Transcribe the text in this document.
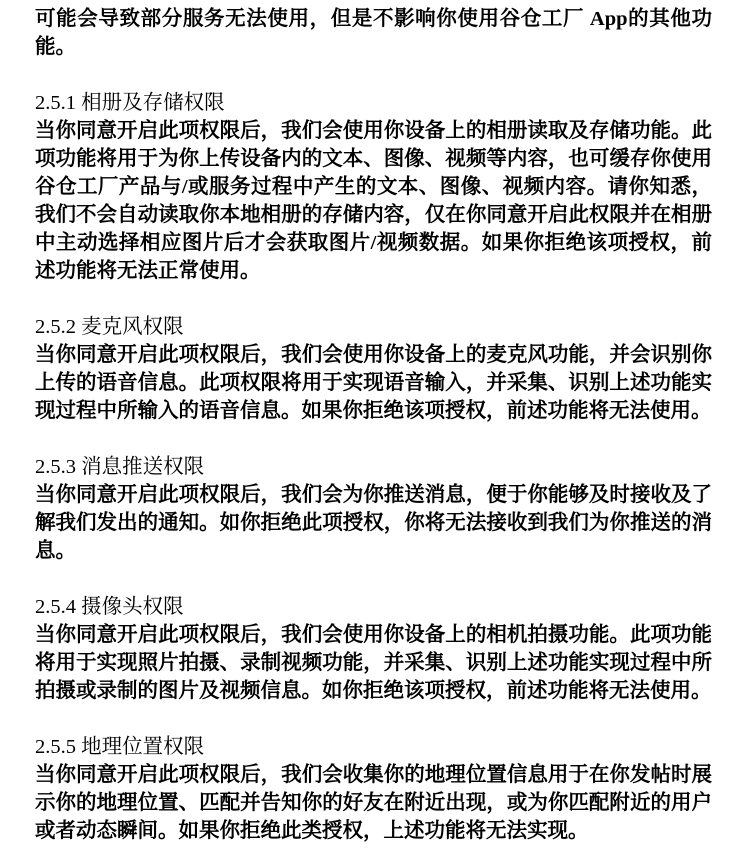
可能会导致部分服务无法使用，但是不影响你使用谷仓工厂 App的其他功能。

2.5.1 相册及存储权限

当你同意开启此项权限后，我们会使用你设备上的相册读取及存储功能。此项功能将用于为你上传设备内的文本、图像、视频等内容，也可缓存你使用谷仓工厂产品与/或服务过程中产生的文本、图像、视频内容。请你知悉，我们不会自动读取你本地相册的存储内容，仅在你同意开启此权限并在相册中主动选择相应图片后才会获取图片/视频数据。如果你拒绝该项授权，前述功能将无法正常使用。

2.5.2 麦克风权限

当你同意开启此项权限后，我们会使用你设备上的麦克风功能，并会识别你上传的语音信息。此项权限将用于实现语音输入，并采集、识别上述功能实现过程中所输入的语音信息。如果你拒绝该项授权，前述功能将无法使用。

2.5.3 消息推送权限

当你同意开启此项权限后，我们会为你推送消息，便于你能够及时接收及了解我们发出的通知。如你拒绝此项授权，你将无法接收到我们为你推送的消息。

2.5.4 摄像头权限

当你同意开启此项权限后，我们会使用你设备上的相机拍摄功能。此项功能将用于实现照片拍摄、录制视频功能，并采集、识别上述功能实现过程中所拍摄或录制的图片及视频信息。如你拒绝该项授权，前述功能将无法使用。

2.5.5 地理位置权限

当你同意开启此项权限后，我们会收集你的地理位置信息用于在你发帖时展示你的地理位置、匹配并告知你的好友在附近出现，或为你匹配附近的用户或者动态瞬间。如果你拒绝此类授权，上述功能将无法实现。
